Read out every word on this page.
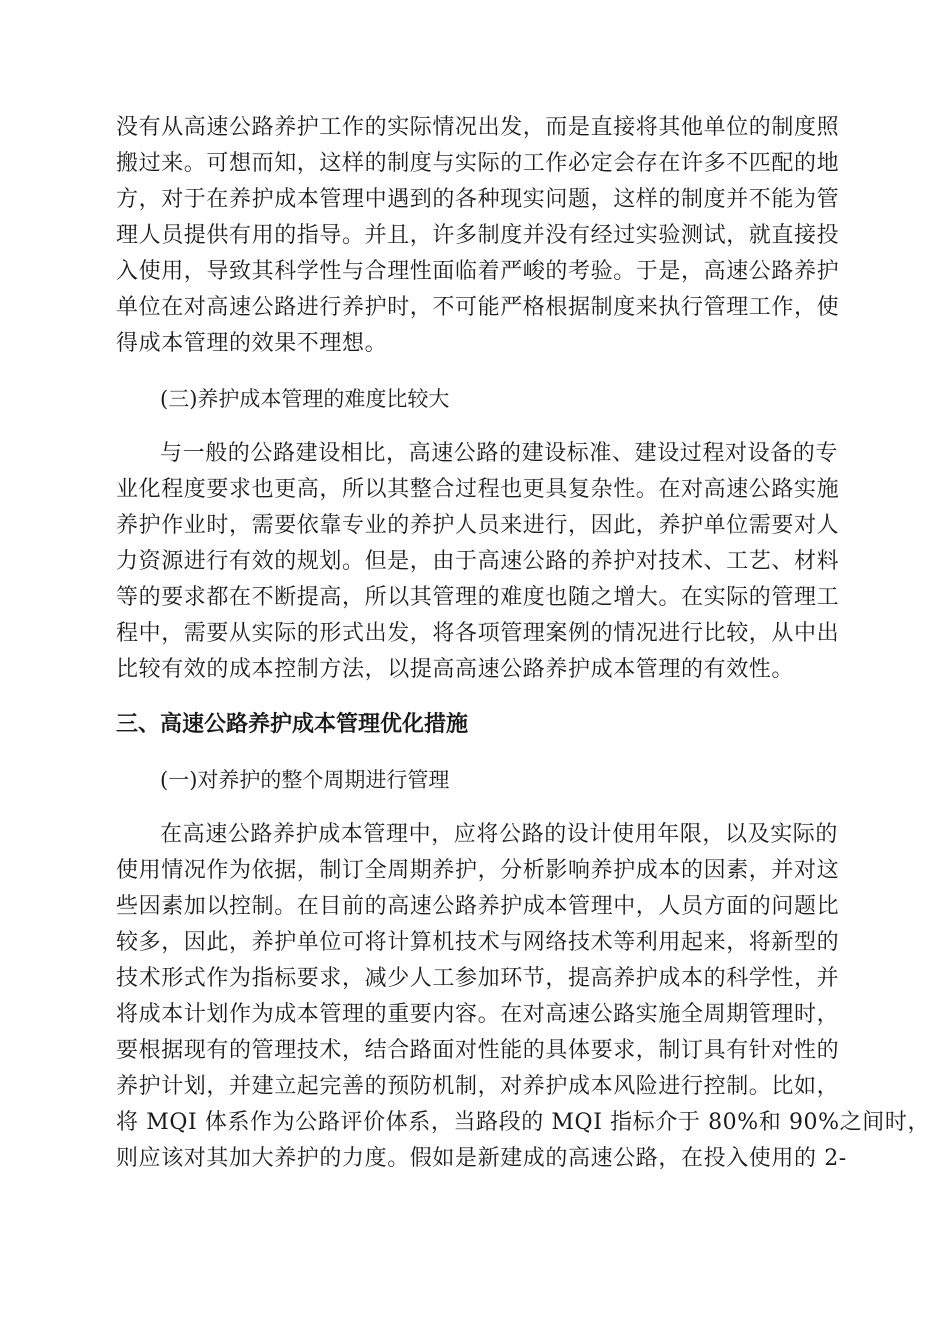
没有从高速公路养护工作的实际情况出发，而是直接将其他单位的制度照
搬过来。可想而知，这样的制度与实际的工作必定会存在许多不匹配的地
方，对于在养护成本管理中遇到的各种现实问题，这样的制度并不能为管
理人员提供有用的指导。并且，许多制度并没有经过实验测试，就直接投
入使用，导致其科学性与合理性面临着严峻的考验。于是，高速公路养护
单位在对高速公路进行养护时，不可能严格根据制度来执行管理工作，使
得成本管理的效果不理想。
(三)养护成本管理的难度比较大
与一般的公路建设相比，高速公路的建设标准、建设过程对设备的专
业化程度要求也更高，所以其整合过程也更具复杂性。在对高速公路实施
养护作业时，需要依靠专业的养护人员来进行，因此，养护单位需要对人
力资源进行有效的规划。但是，由于高速公路的养护对技术、工艺、材料
等的要求都在不断提高，所以其管理的难度也随之增大。在实际的管理工
程中，需要从实际的形式出发，将各项管理案例的情况进行比较，从中出
比较有效的成本控制方法，以提高高速公路养护成本管理的有效性。
三、高速公路养护成本管理优化措施
(一)对养护的整个周期进行管理
在高速公路养护成本管理中，应将公路的设计使用年限，以及实际的
使用情况作为依据，制订全周期养护，分析影响养护成本的因素，并对这
些因素加以控制。在目前的高速公路养护成本管理中，人员方面的问题比
较多，因此，养护单位可将计算机技术与网络技术等利用起来，将新型的
技术形式作为指标要求，减少人工参加环节，提高养护成本的科学性，并
将成本计划作为成本管理的重要内容。在对高速公路实施全周期管理时，
要根据现有的管理技术，结合路面对性能的具体要求，制订具有针对性的
养护计划，并建立起完善的预防机制，对养护成本风险进行控制。比如，
将 MQI 体系作为公路评价体系，当路段的 MQI 指标介于 80%和 90%之间时，
则应该对其加大养护的力度。假如是新建成的高速公路，在投入使用的 2-
